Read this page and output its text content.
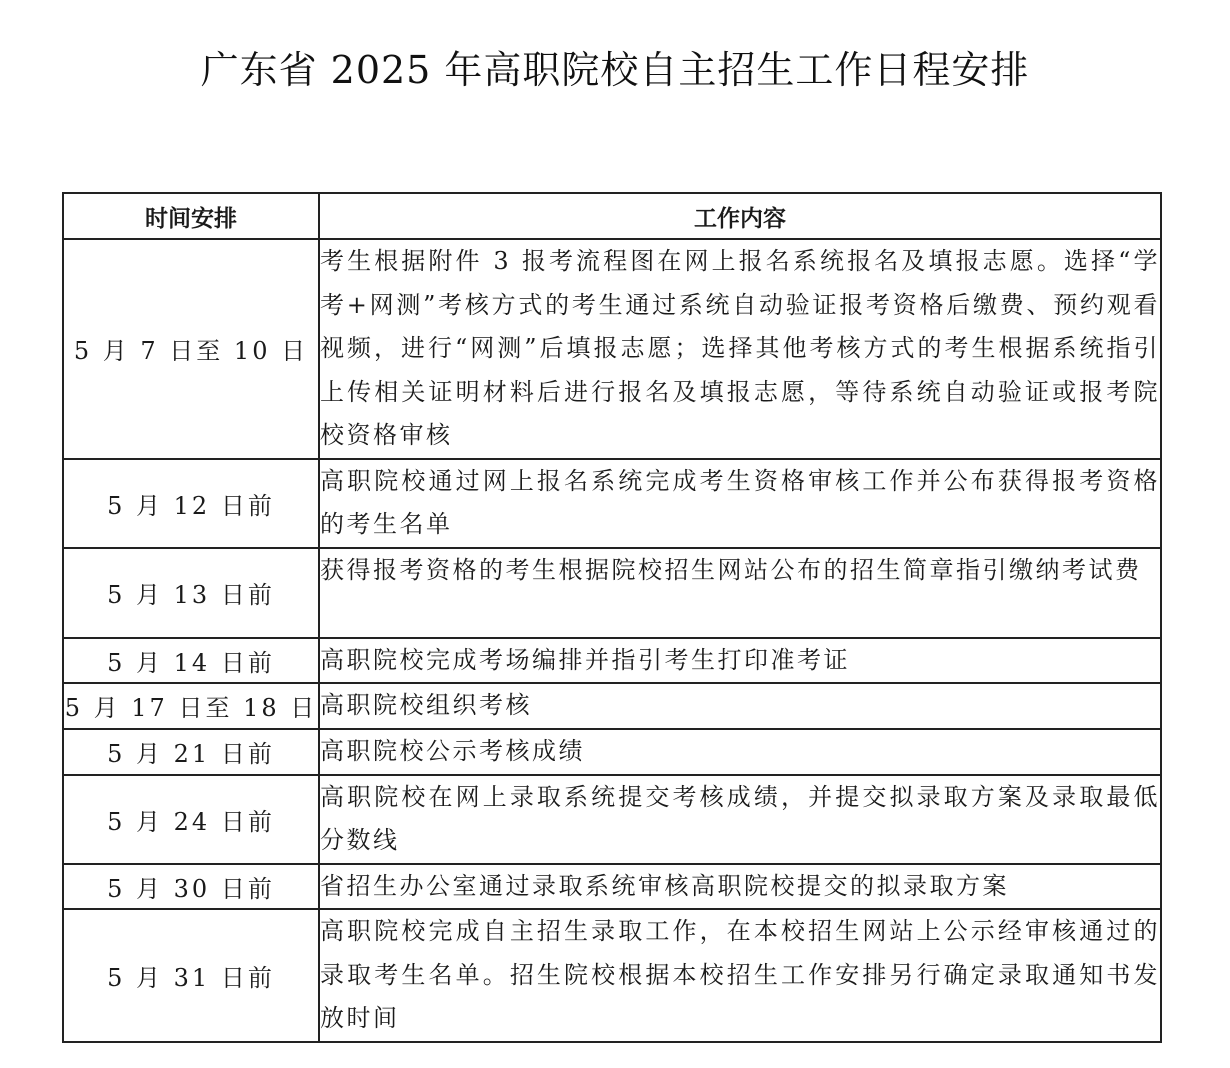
广东省 2025 年高职院校自主招生工作日程安排
时间安排	工作内容
5 月 7 日至 10 日	考生根据附件 3 报考流程图在网上报名系统报名及填报志愿。选择“学考+网测”考核方式的考生通过系统自动验证报考资格后缴费、预约观看视频，进行“网测”后填报志愿；选择其他考核方式的考生根据系统指引上传相关证明材料后进行报名及填报志愿，等待系统自动验证或报考院校资格审核
5 月 12 日前	高职院校通过网上报名系统完成考生资格审核工作并公布获得报考资格的考生名单
5 月 13 日前	获得报考资格的考生根据院校招生网站公布的招生简章指引缴纳考试费
5 月 14 日前	高职院校完成考场编排并指引考生打印准考证
5 月 17 日至 18 日	高职院校组织考核
5 月 21 日前	高职院校公示考核成绩
5 月 24 日前	高职院校在网上录取系统提交考核成绩，并提交拟录取方案及录取最低分数线
5 月 30 日前	省招生办公室通过录取系统审核高职院校提交的拟录取方案
5 月 31 日前	高职院校完成自主招生录取工作，在本校招生网站上公示经审核通过的录取考生名单。招生院校根据本校招生工作安排另行确定录取通知书发放时间
